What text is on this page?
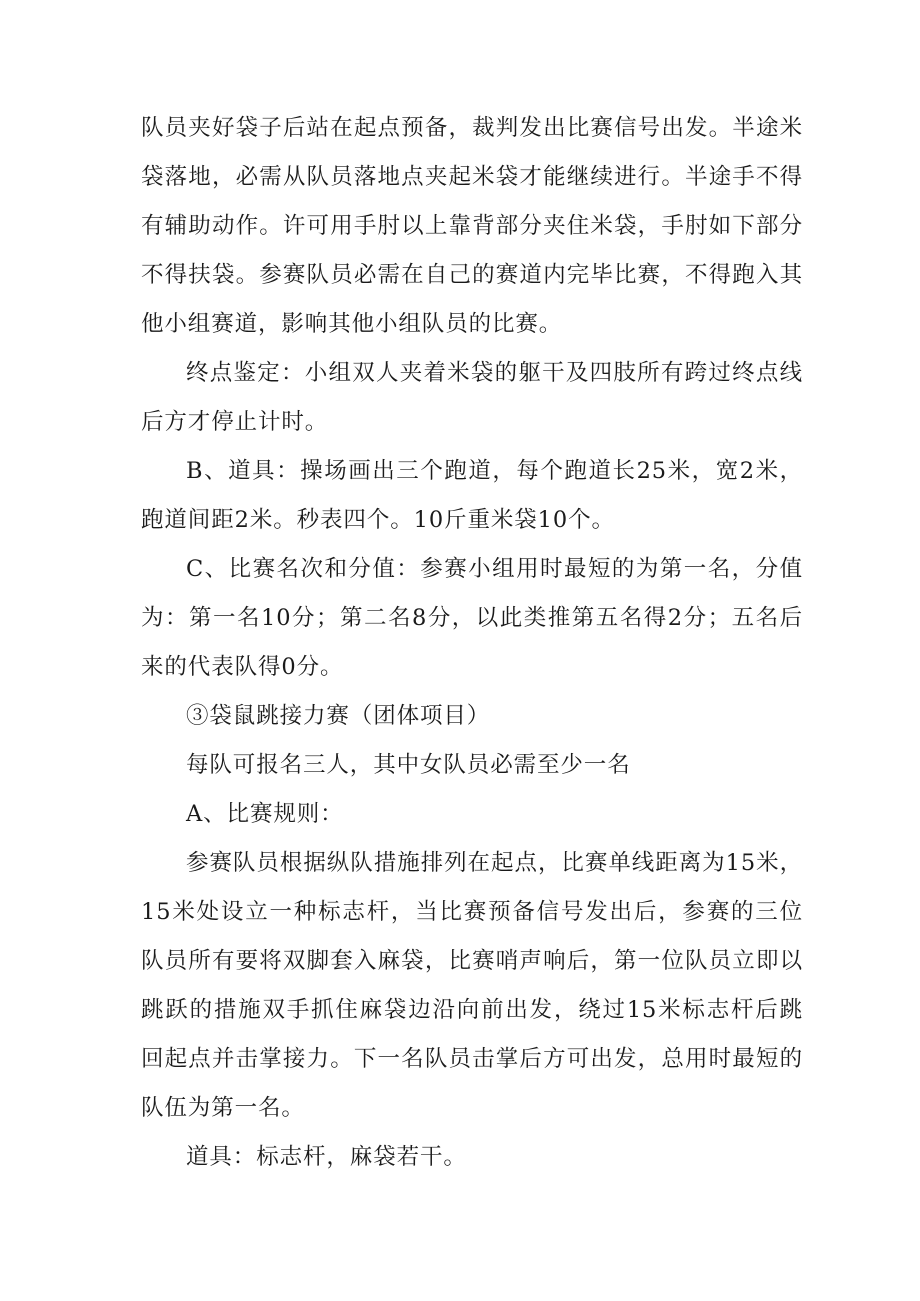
队员夹好袋子后站在起点预备，裁判发出比赛信号出发。半途米袋落地，必需从队员落地点夹起米袋才能继续进行。半途手不得有辅助动作。许可用手肘以上靠背部分夹住米袋，手肘如下部分不得扶袋。参赛队员必需在自己的赛道内完毕比赛，不得跑入其他小组赛道，影响其他小组队员的比赛。

终点鉴定：小组双人夹着米袋的躯干及四肢所有跨过终点线后方才停止计时。

B、道具：操场画出三个跑道，每个跑道长25米，宽2米，跑道间距2米。秒表四个。10斤重米袋10个。

C、比赛名次和分值：参赛小组用时最短的为第一名，分值为：第一名10分；第二名8分，以此类推第五名得2分；五名后来的代表队得0分。

③袋鼠跳接力赛（团体项目）

每队可报名三人，其中女队员必需至少一名

A、比赛规则：

参赛队员根据纵队措施排列在起点，比赛单线距离为15米，15米处设立一种标志杆，当比赛预备信号发出后，参赛的三位队员所有要将双脚套入麻袋，比赛哨声响后，第一位队员立即以跳跃的措施双手抓住麻袋边沿向前出发，绕过15米标志杆后跳回起点并击掌接力。下一名队员击掌后方可出发，总用时最短的队伍为第一名。

道具：标志杆，麻袋若干。
